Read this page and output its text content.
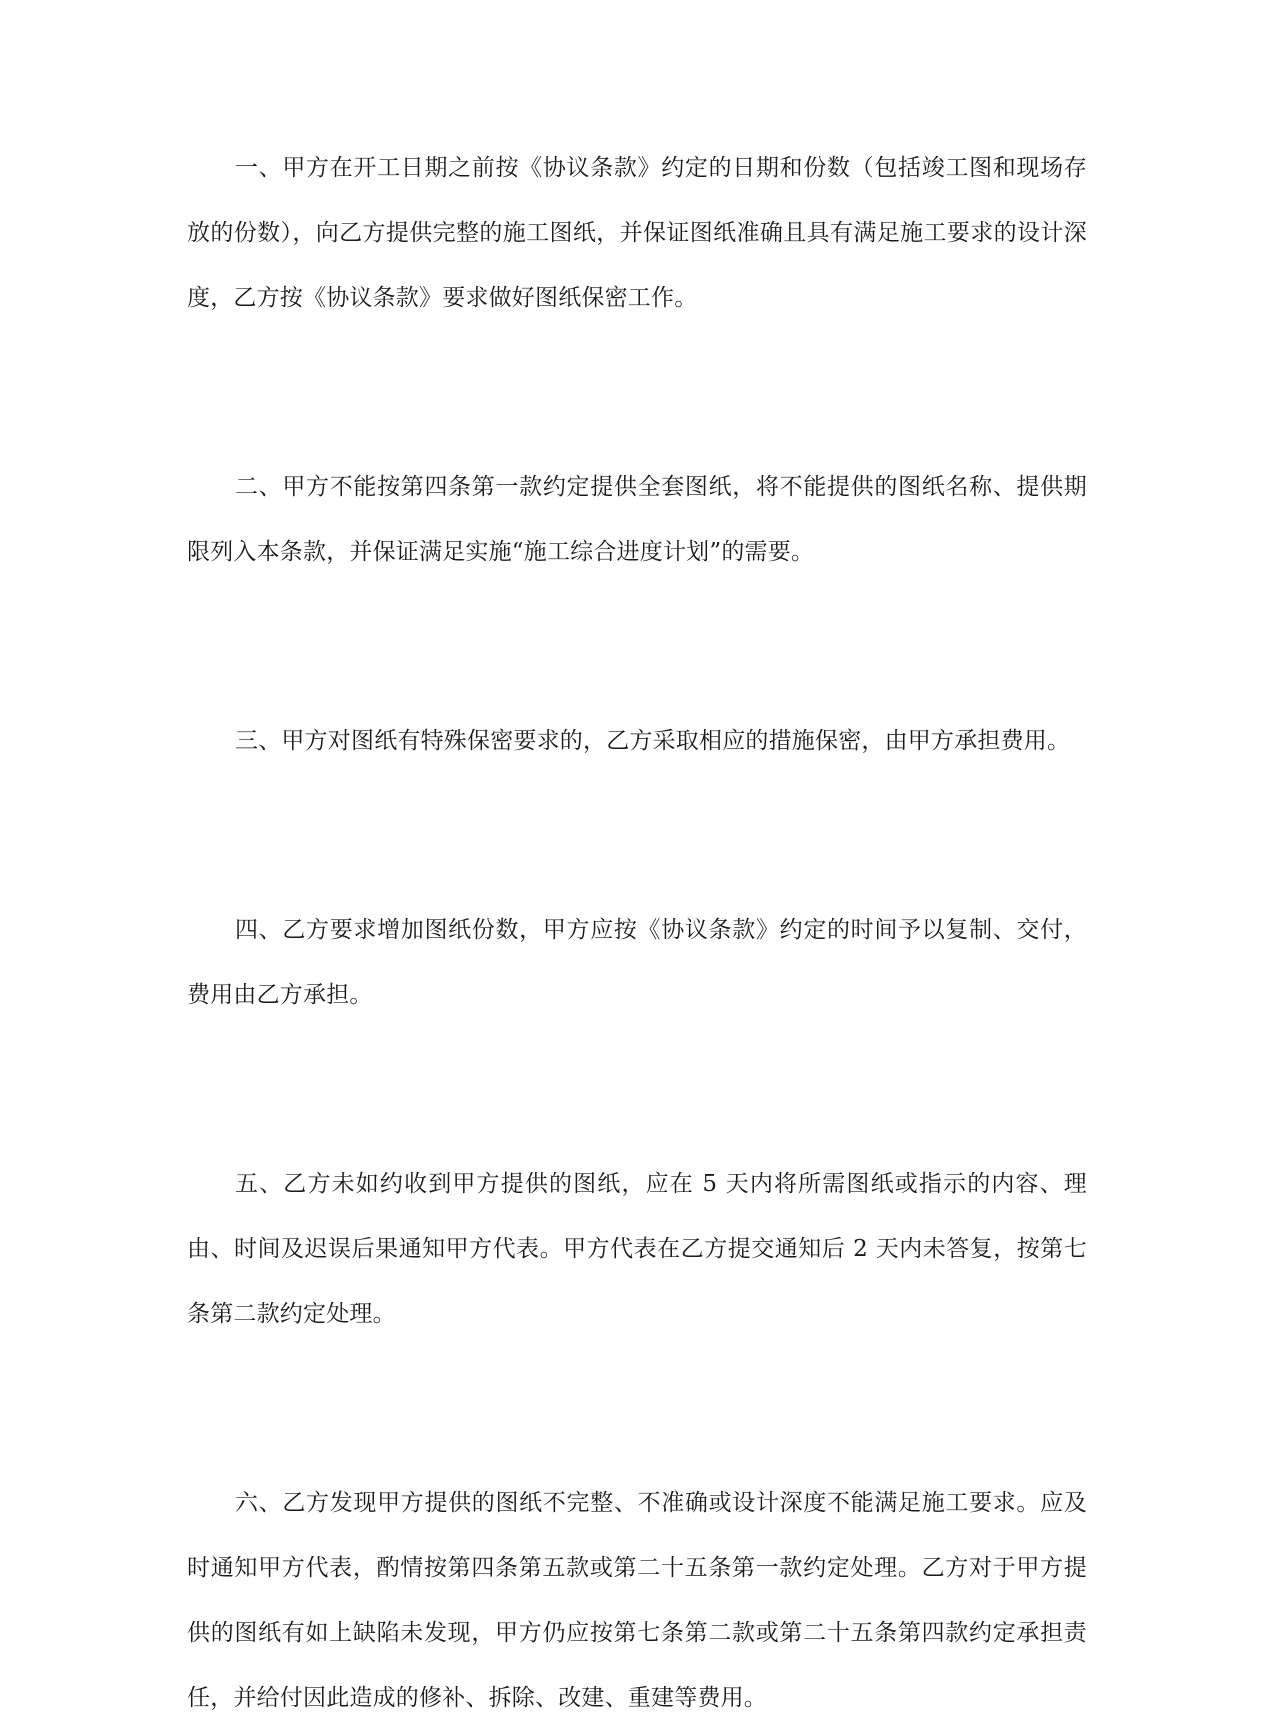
一、甲方在开工日期之前按《协议条款》约定的日期和份数（包括竣工图和现场存放的份数），向乙方提供完整的施工图纸，并保证图纸准确且具有满足施工要求的设计深度，乙方按《协议条款》要求做好图纸保密工作。

二、甲方不能按第四条第一款约定提供全套图纸，将不能提供的图纸名称、提供期限列入本条款，并保证满足实施“施工综合进度计划”的需要。

三、甲方对图纸有特殊保密要求的，乙方采取相应的措施保密，由甲方承担费用。

四、乙方要求增加图纸份数，甲方应按《协议条款》约定的时间予以复制、交付，费用由乙方承担。

五、乙方未如约收到甲方提供的图纸，应在 5 天内将所需图纸或指示的内容、理由、时间及迟误后果通知甲方代表。甲方代表在乙方提交通知后 2 天内未答复，按第七条第二款约定处理。

六、乙方发现甲方提供的图纸不完整、不准确或设计深度不能满足施工要求。应及时通知甲方代表，酌情按第四条第五款或第二十五条第一款约定处理。乙方对于甲方提供的图纸有如上缺陷未发现，甲方仍应按第七条第二款或第二十五条第四款约定承担责任，并给付因此造成的修补、拆除、改建、重建等费用。
